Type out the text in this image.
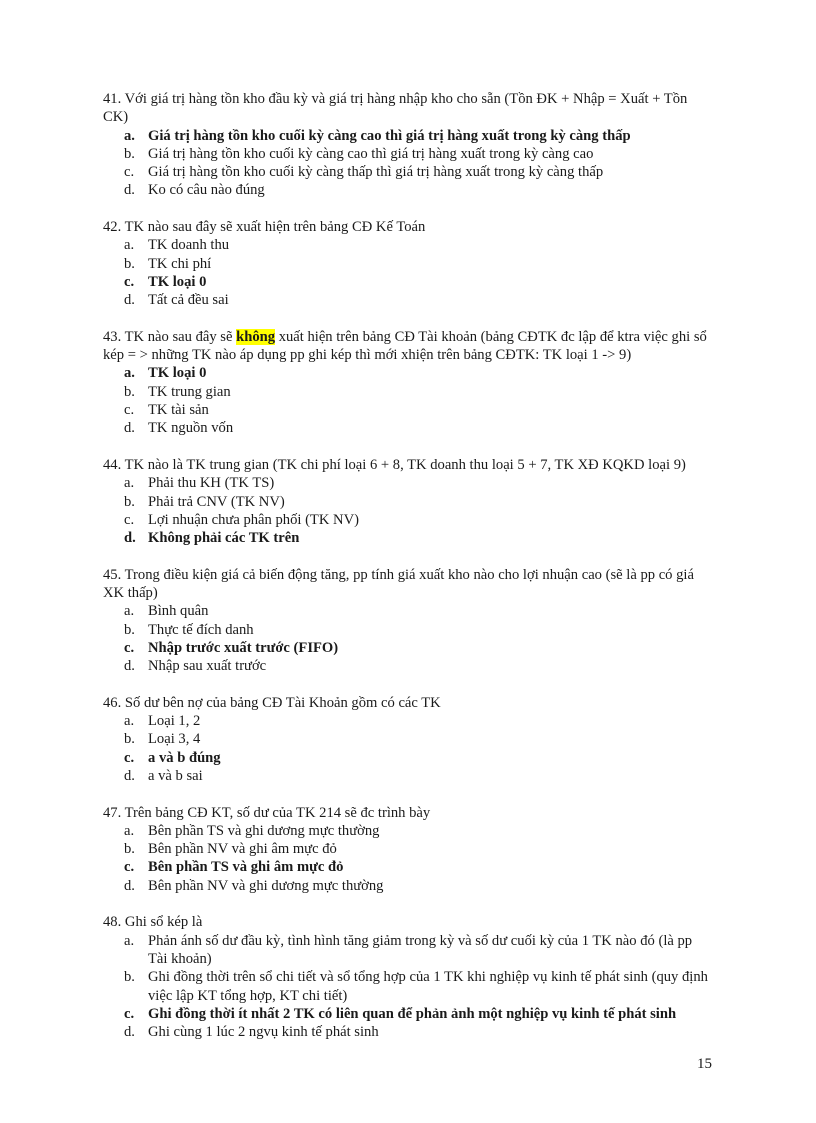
41. Với giá trị hàng tồn kho đầu kỳ và giá trị hàng nhập kho cho sẵn (Tồn ĐK + Nhập = Xuất + Tồn CK)

a. Giá trị hàng tồn kho cuối kỳ càng cao thì giá trị hàng xuất trong kỳ càng thấp
b. Giá trị hàng tồn kho cuối kỳ càng cao thì giá trị hàng xuất trong kỳ càng cao
c. Giá trị hàng tồn kho cuối kỳ càng thấp thì giá trị hàng xuất trong kỳ càng thấp
d. Ko có câu nào đúng

42. TK nào sau đây sẽ xuất hiện trên bảng CĐ Kế Toán

a. TK doanh thu
b. TK chi phí
c. TK loại 0
d. Tất cả đều sai

43. TK nào sau đây sẽ không xuất hiện trên bảng CĐ Tài khoản (bảng CĐTK đc lập để ktra việc ghi sổ kép = > những TK nào áp dụng pp ghi kép thì mới xhiện trên bảng CĐTK: TK loại 1 -> 9)

a. TK loại 0
b. TK trung gian
c. TK tài sản
d. TK nguồn vốn

44. TK nào là TK trung gian (TK chi phí loại 6 + 8, TK doanh thu loại 5 + 7, TK XĐ KQKD loại 9)

a. Phải thu KH (TK TS)
b. Phải trả CNV (TK NV)
c. Lợi nhuận chưa phân phối (TK NV)
d. Không phải các TK trên

45. Trong điều kiện giá cả biến động tăng, pp tính giá xuất kho nào cho lợi nhuận cao (sẽ là pp có giá XK thấp)

a. Bình quân
b. Thực tế đích danh
c. Nhập trước xuất trước (FIFO)
d. Nhập sau xuất trước

46. Số dư bên nợ của bảng CĐ Tài Khoản gồm có các TK

a. Loại 1, 2
b. Loại 3, 4
c. a và b đúng
d. a và b sai

47. Trên bảng CĐ KT, số dư của TK 214 sẽ đc trình bày

a. Bên phần TS và ghi dương mực thường
b. Bên phần NV và ghi âm mực đỏ
c. Bên phần TS và ghi âm mực đỏ
d. Bên phần NV và ghi dương mực thường

48. Ghi sổ kép là

a. Phản ánh số dư đầu kỳ, tình hình tăng giảm trong kỳ và số dư cuối kỳ của 1 TK nào đó (là pp Tài khoản)
b. Ghi đồng thời trên sổ chi tiết và sổ tổng hợp của 1 TK khi nghiệp vụ kinh tế phát sinh (quy định việc lập KT tổng hợp, KT chi tiết)
c. Ghi đồng thời ít nhất 2 TK có liên quan để phản ảnh một nghiệp vụ kinh tế phát sinh
d. Ghi cùng 1 lúc 2 ngvụ kinh tế phát sinh
15
